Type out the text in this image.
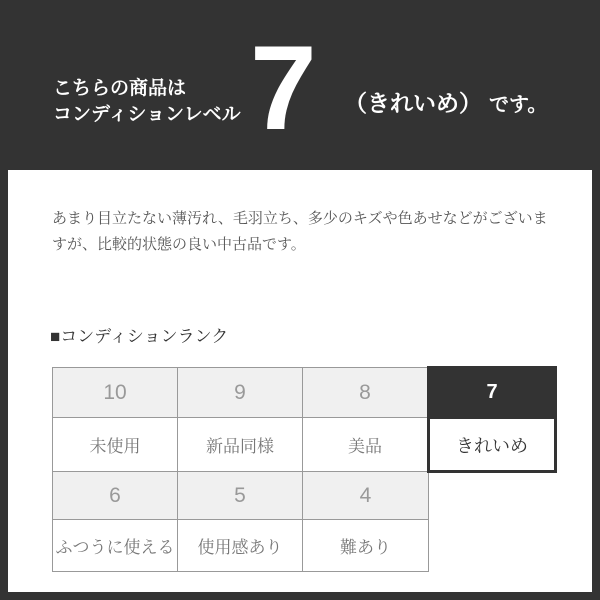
こちらの商品は
コンディションレベル 7 （きれいめ） です。

あまり目立たない薄汚れ、毛羽立ち、多少のキズや色あせなどがございますが、比較的状態の良い中古品です。

■コンディションランク
10	9	8	7
未使用	新品同様	美品	きれいめ
6	5	4	
ふつうに使える	使用感あり	難あり	
